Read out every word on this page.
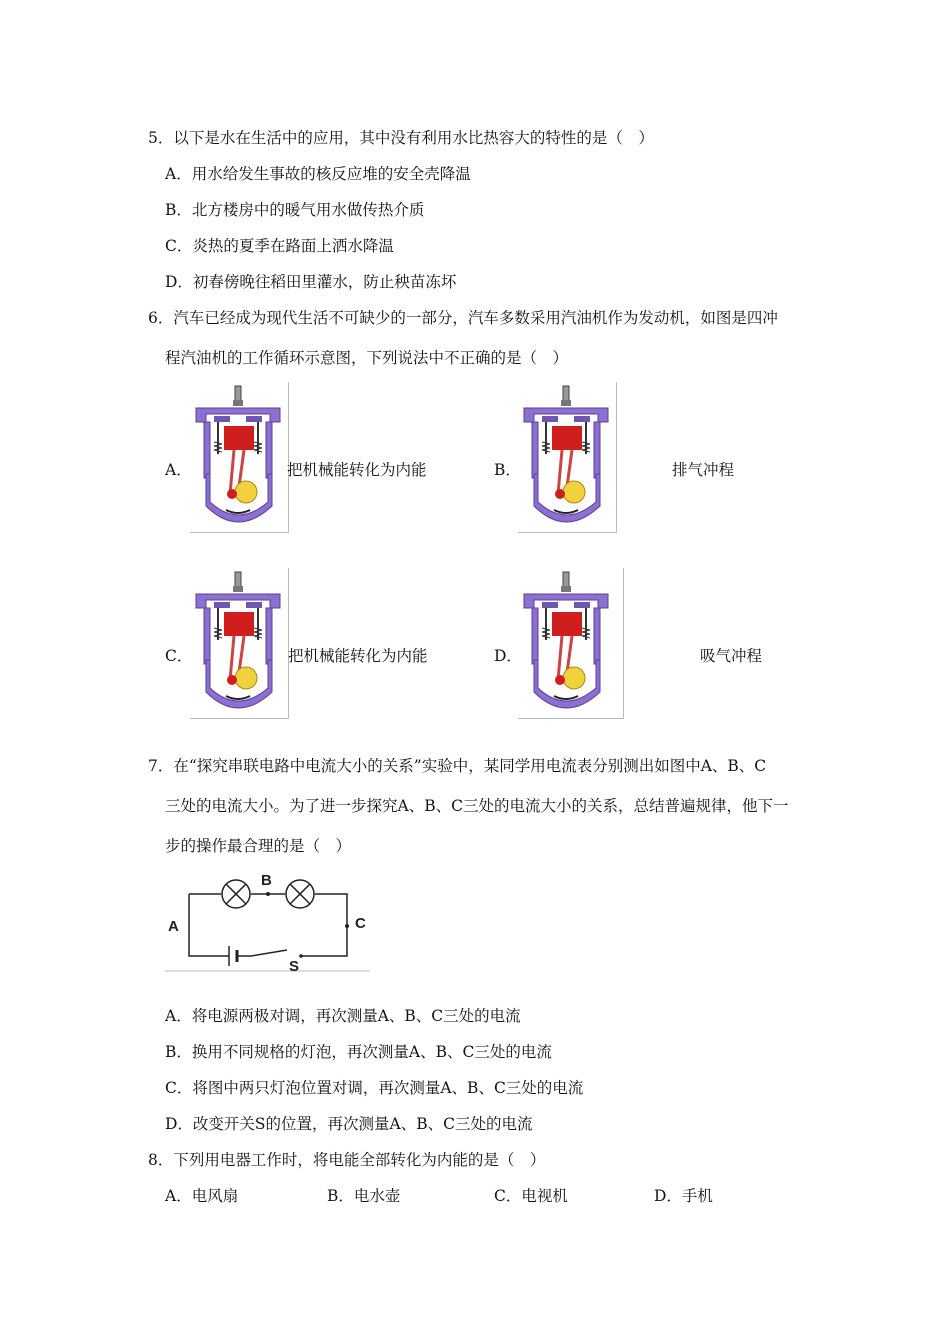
5．以下是水在生活中的应用，其中没有利用水比热容大的特性的是（　）
A．用水给发生事故的核反应堆的安全壳降温
B．北方楼房中的暖气用水做传热介质
C．炎热的夏季在路面上洒水降温
D．初春傍晚往稻田里灌水，防止秧苗冻坏
6．汽车已经成为现代生活不可缺少的一部分，汽车多数采用汽油机作为发动机，如图是四冲
程汽油机的工作循环示意图，下列说法中不正确的是（　）
A．	把机械能转化为内能	B．	排气冲程
C．	把机械能转化为内能	D．	吸气冲程
7．在“探究串联电路中电流大小的关系”实验中，某同学用电流表分别测出如图中A、B、C
三处的电流大小。为了进一步探究A、B、C三处的电流大小的关系，总结普遍规律，他下一
步的操作最合理的是（　）
A
B
C
S
A．将电源两极对调，再次测量A、B、C三处的电流
B．换用不同规格的灯泡，再次测量A、B、C三处的电流
C．将图中两只灯泡位置对调，再次测量A、B、C三处的电流
D．改变开关S的位置，再次测量A、B、C三处的电流
8．下列用电器工作时，将电能全部转化为内能的是（　）
A．电风扇	B．电水壶	C．电视机	D．手机
